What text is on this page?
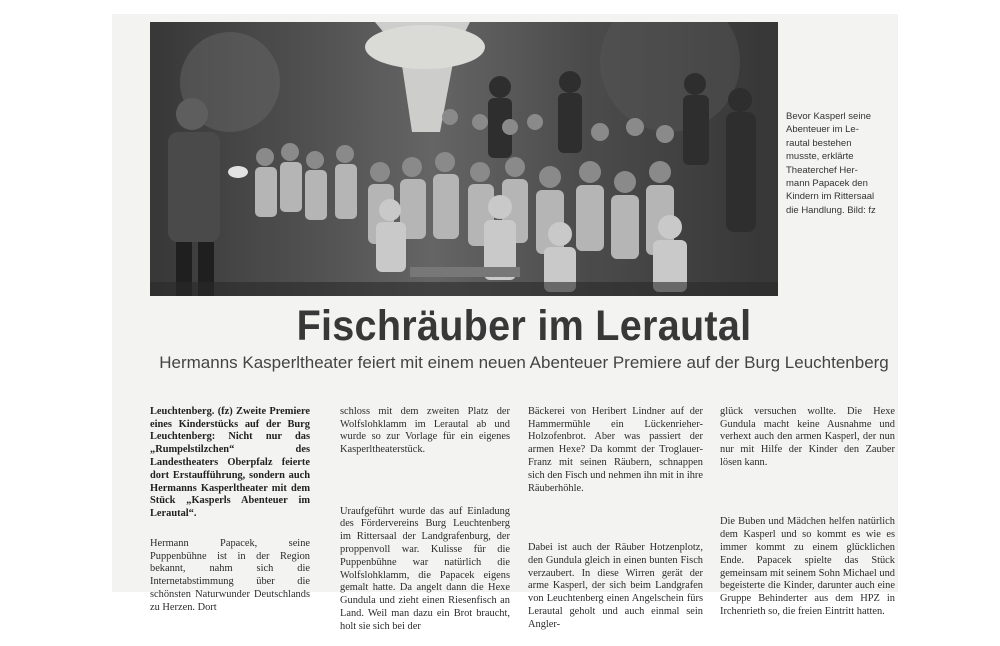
Bevor Kasperl seine
Abenteuer im Le-
rautal bestehen
musste, erklärte
Theaterchef Her-
mann Papacek den
Kindern im Rittersaal
die Handlung. Bild: fz
Fischräuber im Lerautal
Hermanns Kasperltheater feiert mit einem neuen Abenteuer Premiere auf der Burg Leuchtenberg

Leuchtenberg. (fz) Zweite Premiere eines Kinderstücks auf der Burg Leuchtenberg: Nicht nur das „Rumpelstilzchen“ des Landestheaters Oberpfalz feierte dort Erstaufführung, sondern auch Hermanns Kasperltheater mit dem Stück „Kasperls Abenteuer im Lerautal“.

Hermann Papacek, seine Puppenbühne ist in der Region bekannt, nahm sich die Internetabstimmung über die schönsten Naturwunder Deutschlands zu Herzen. Dort

schloss mit dem zweiten Platz der Wolfslohklamm im Lerautal ab und wurde so zur Vorlage für ein eigenes Kasperltheaterstück.

Uraufgeführt wurde das auf Einladung des Fördervereins Burg Leuchtenberg im Rittersaal der Landgrafenburg, der proppenvoll war. Kulisse für die Puppenbühne war natürlich die Wolfslohklamm, die Papacek eigens gemalt hatte. Da angelt dann die Hexe Gundula und zieht einen Riesenfisch an Land. Weil man dazu ein Brot braucht, holt sie sich bei der

Bäckerei von Heribert Lindner auf der Hammermühle ein Lückenrieher-Holzofenbrot. Aber was passiert der armen Hexe? Da kommt der Troglauer-Franz mit seinen Räubern, schnappen sich den Fisch und nehmen ihn mit in ihre Räuberhöhle.

Dabei ist auch der Räuber Hotzenplotz, den Gundula gleich in einen bunten Fisch verzaubert. In diese Wirren gerät der arme Kasperl, der sich beim Landgrafen von Leuchtenberg einen Angelschein fürs Lerautal geholt und auch einmal sein Angler-

glück versuchen wollte. Die Hexe Gundula macht keine Ausnahme und verhext auch den armen Kasperl, der nun nur mit Hilfe der Kinder den Zauber lösen kann.

Die Buben und Mädchen helfen natürlich dem Kasperl und so kommt es wie es immer kommt zu einem glücklichen Ende. Papacek spielte das Stück gemeinsam mit seinem Sohn Michael und begeisterte die Kinder, darunter auch eine Gruppe Behinderter aus dem HPZ in Irchenrieth so, die freien Eintritt hatten.
